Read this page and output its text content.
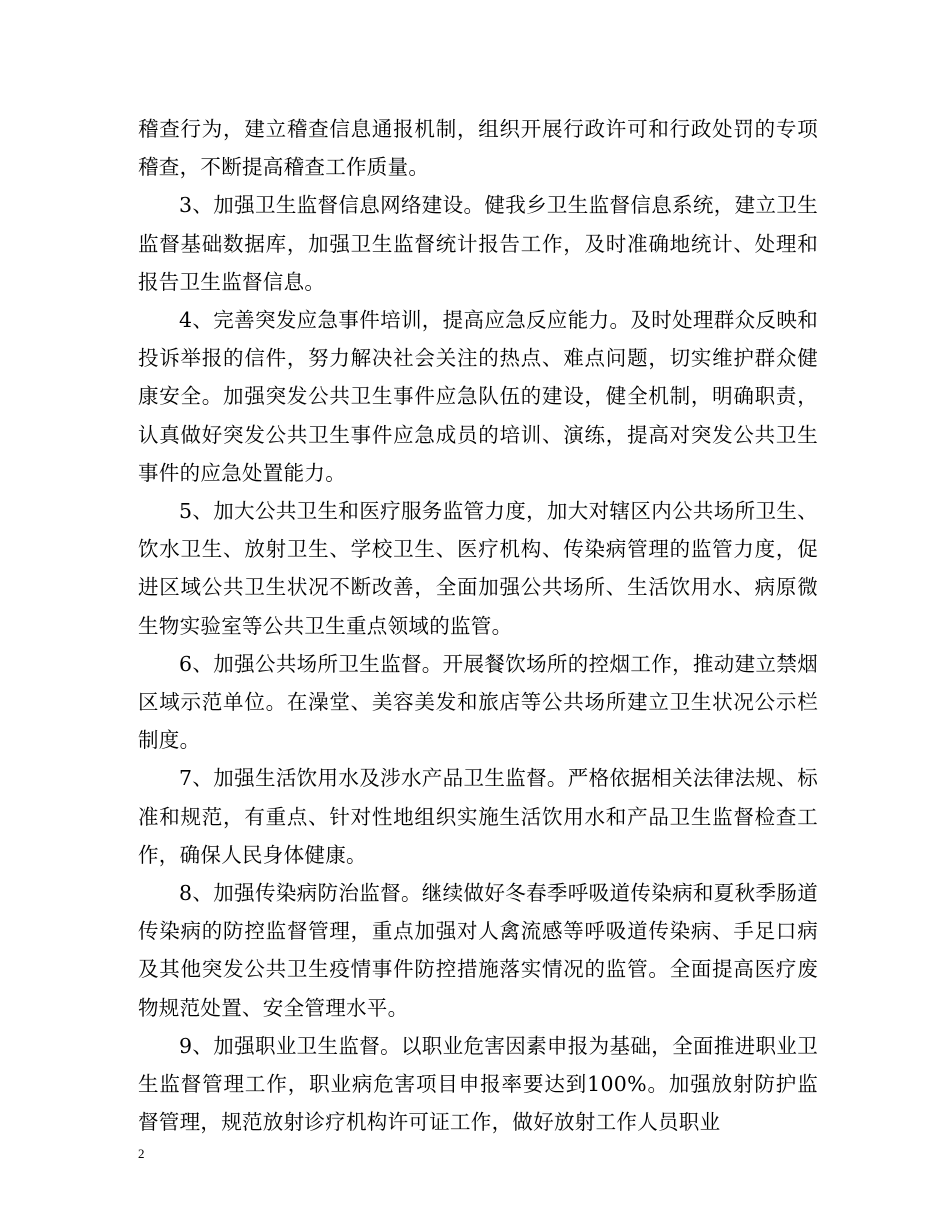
稽查行为，建立稽查信息通报机制，组织开展行政许可和行政处罚的专项稽查，不断提高稽查工作质量。

3、加强卫生监督信息网络建设。健我乡卫生监督信息系统，建立卫生监督基础数据库，加强卫生监督统计报告工作，及时准确地统计、处理和报告卫生监督信息。

4、完善突发应急事件培训，提高应急反应能力。及时处理群众反映和投诉举报的信件，努力解决社会关注的热点、难点问题，切实维护群众健康安全。加强突发公共卫生事件应急队伍的建设，健全机制，明确职责，认真做好突发公共卫生事件应急成员的培训、演练，提高对突发公共卫生事件的应急处置能力。

5、加大公共卫生和医疗服务监管力度，加大对辖区内公共场所卫生、饮水卫生、放射卫生、学校卫生、医疗机构、传染病管理的监管力度，促进区域公共卫生状况不断改善，全面加强公共场所、生活饮用水、病原微生物实验室等公共卫生重点领域的监管。

6、加强公共场所卫生监督。开展餐饮场所的控烟工作，推动建立禁烟区域示范单位。在澡堂、美容美发和旅店等公共场所建立卫生状况公示栏制度。

7、加强生活饮用水及涉水产品卫生监督。严格依据相关法律法规、标准和规范，有重点、针对性地组织实施生活饮用水和产品卫生监督检查工作，确保人民身体健康。

8、加强传染病防治监督。继续做好冬春季呼吸道传染病和夏秋季肠道传染病的防控监督管理，重点加强对人禽流感等呼吸道传染病、手足口病及其他突发公共卫生疫情事件防控措施落实情况的监管。全面提高医疗废物规范处置、安全管理水平。

9、加强职业卫生监督。以职业危害因素申报为基础，全面推进职业卫生监督管理工作，职业病危害项目申报率要达到100%。加强放射防护监督管理，规范放射诊疗机构许可证工作，做好放射工作人员职业

2
